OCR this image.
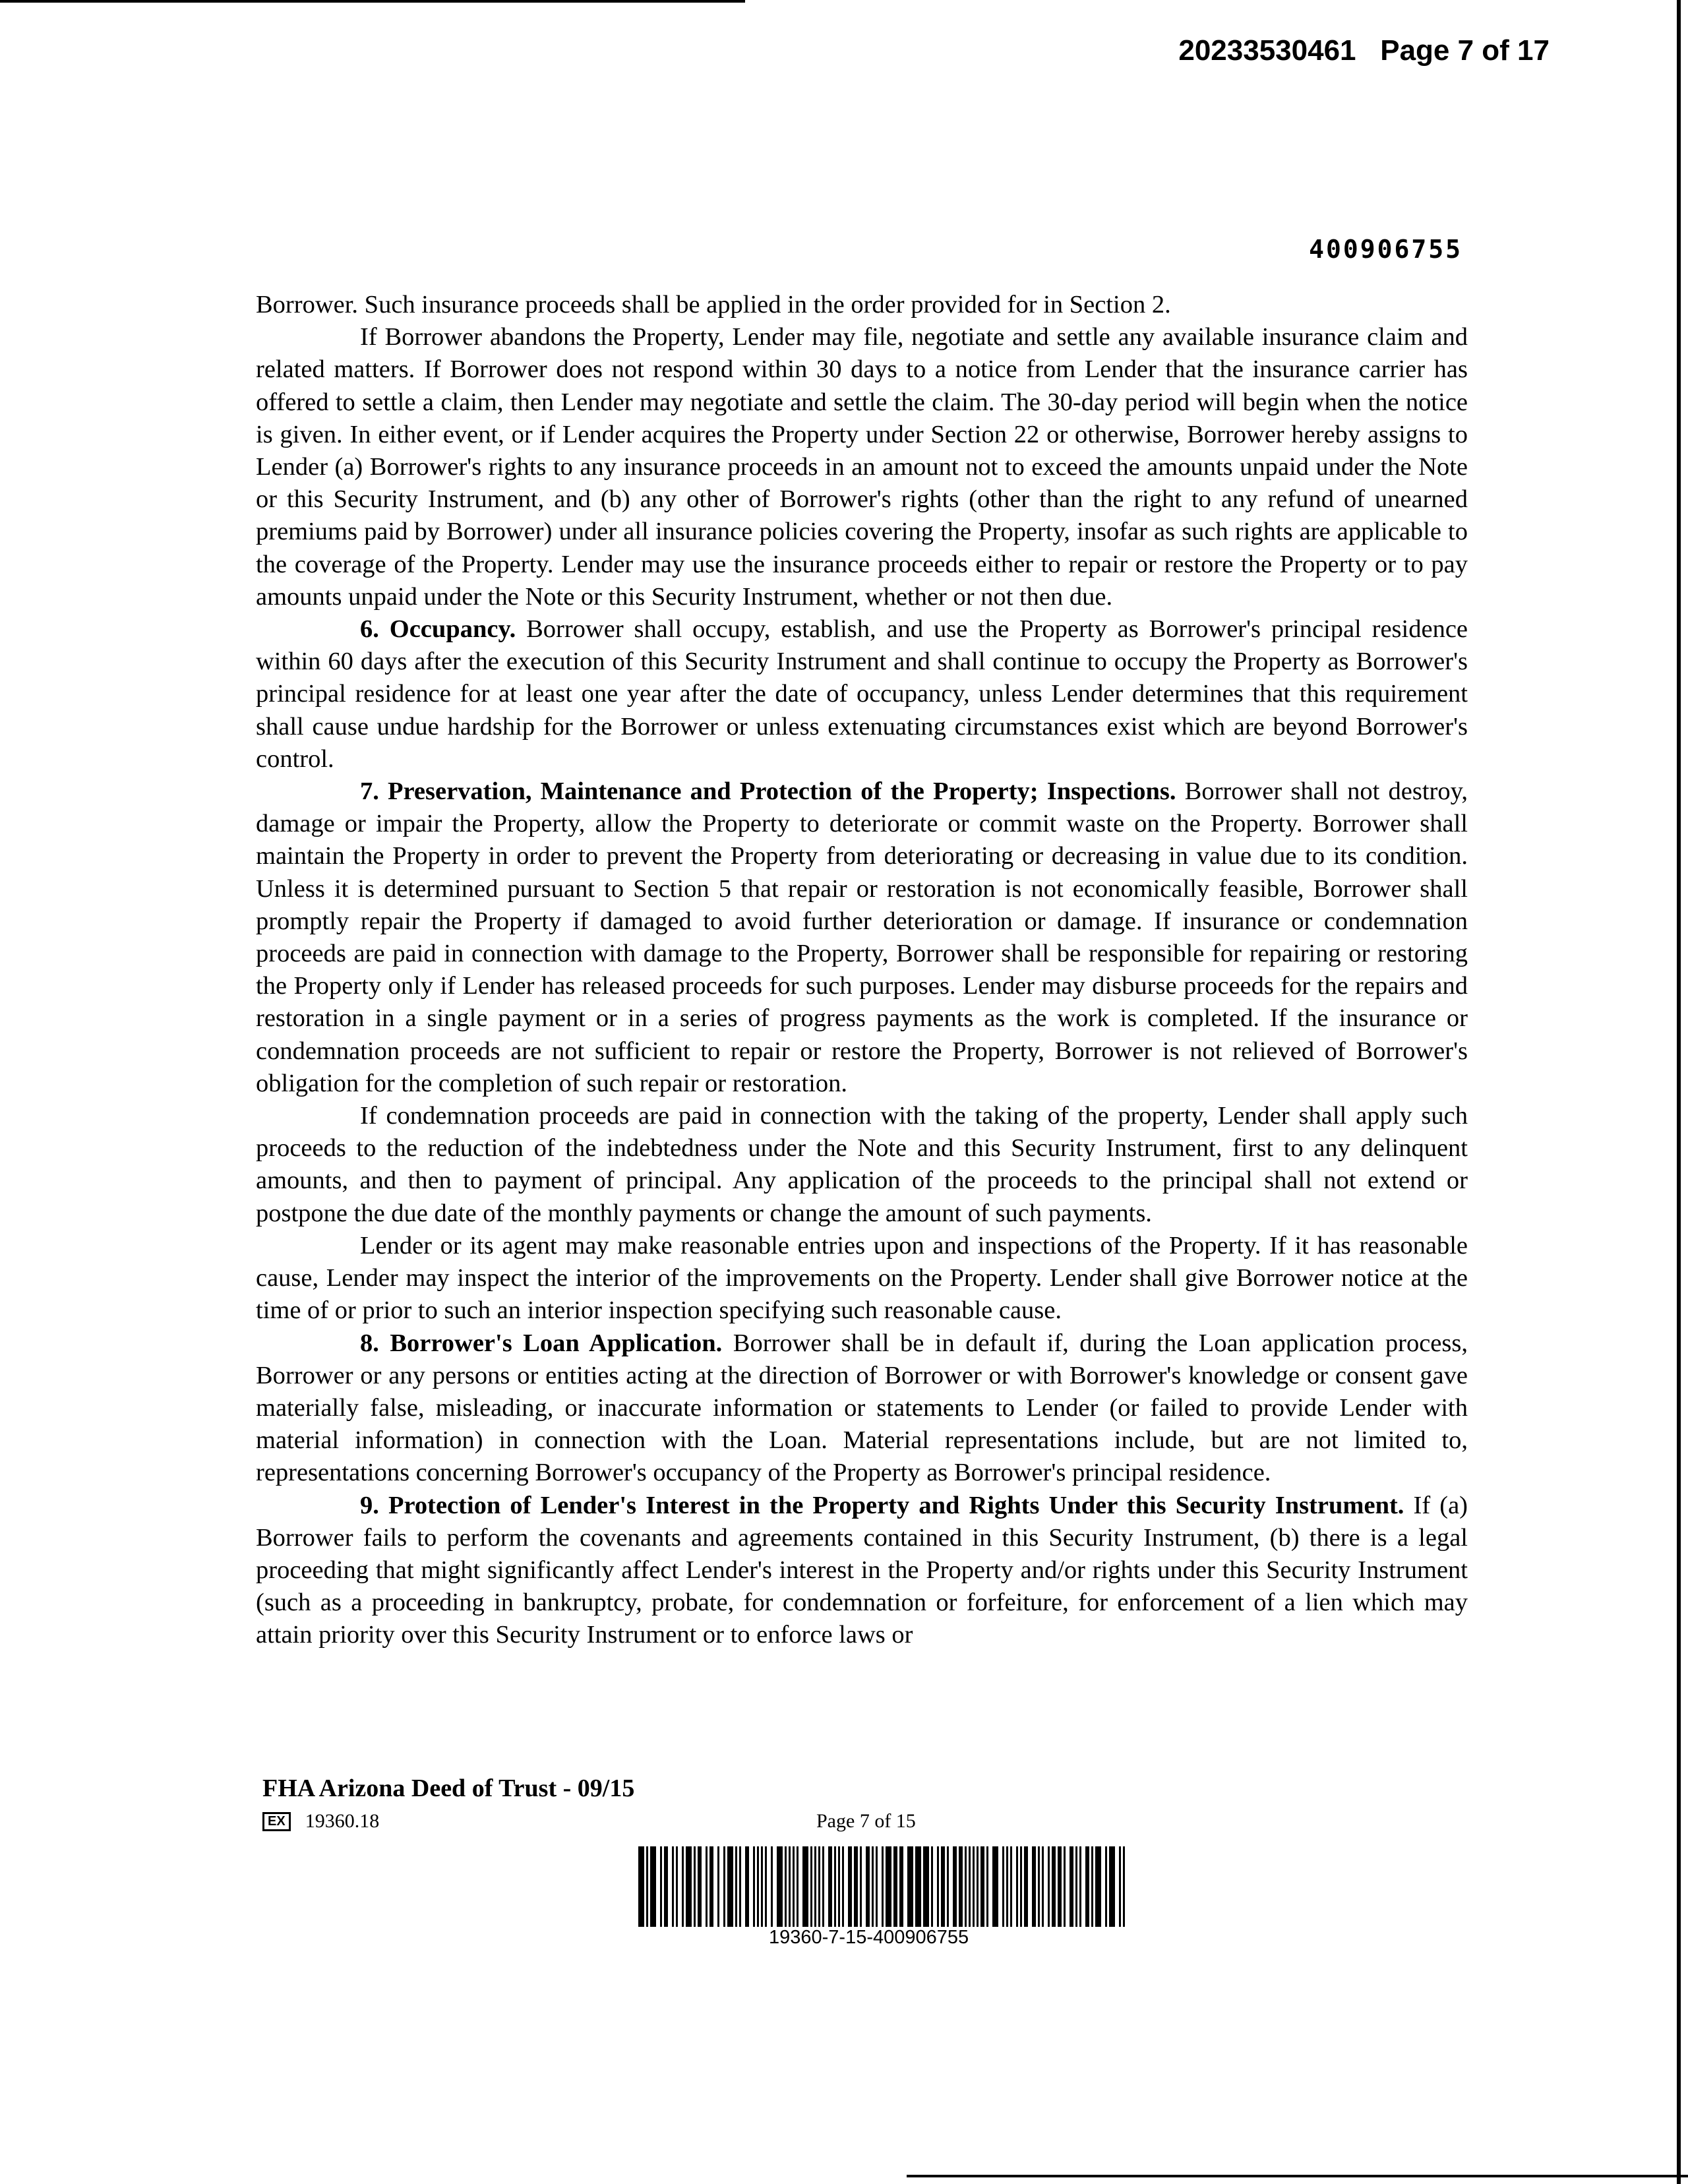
20233530461 Page 7 of 17
400906755

Borrower. Such insurance proceeds shall be applied in the order provided for in Section 2.

If Borrower abandons the Property, Lender may file, negotiate and settle any available insurance claim and related matters. If Borrower does not respond within 30 days to a notice from Lender that the insurance carrier has offered to settle a claim, then Lender may negotiate and settle the claim. The 30-day period will begin when the notice is given. In either event, or if Lender acquires the Property under Section 22 or otherwise, Borrower hereby assigns to Lender (a) Borrower's rights to any insurance proceeds in an amount not to exceed the amounts unpaid under the Note or this Security Instrument, and (b) any other of Borrower's rights (other than the right to any refund of unearned premiums paid by Borrower) under all insurance policies covering the Property, insofar as such rights are applicable to the coverage of the Property. Lender may use the insurance proceeds either to repair or restore the Property or to pay amounts unpaid under the Note or this Security Instrument, whether or not then due.

6. Occupancy. Borrower shall occupy, establish, and use the Property as Borrower's principal residence within 60 days after the execution of this Security Instrument and shall continue to occupy the Property as Borrower's principal residence for at least one year after the date of occupancy, unless Lender determines that this requirement shall cause undue hardship for the Borrower or unless extenuating circumstances exist which are beyond Borrower's control.

7. Preservation, Maintenance and Protection of the Property; Inspections. Borrower shall not destroy, damage or impair the Property, allow the Property to deteriorate or commit waste on the Property. Borrower shall maintain the Property in order to prevent the Property from deteriorating or decreasing in value due to its condition. Unless it is determined pursuant to Section 5 that repair or restoration is not economically feasible, Borrower shall promptly repair the Property if damaged to avoid further deterioration or damage. If insurance or condemnation proceeds are paid in connection with damage to the Property, Borrower shall be responsible for repairing or restoring the Property only if Lender has released proceeds for such purposes. Lender may disburse proceeds for the repairs and restoration in a single payment or in a series of progress payments as the work is completed. If the insurance or condemnation proceeds are not sufficient to repair or restore the Property, Borrower is not relieved of Borrower's obligation for the completion of such repair or restoration.

If condemnation proceeds are paid in connection with the taking of the property, Lender shall apply such proceeds to the reduction of the indebtedness under the Note and this Security Instrument, first to any delinquent amounts, and then to payment of principal. Any application of the proceeds to the principal shall not extend or postpone the due date of the monthly payments or change the amount of such payments.

Lender or its agent may make reasonable entries upon and inspections of the Property. If it has reasonable cause, Lender may inspect the interior of the improvements on the Property. Lender shall give Borrower notice at the time of or prior to such an interior inspection specifying such reasonable cause.

8. Borrower's Loan Application. Borrower shall be in default if, during the Loan application process, Borrower or any persons or entities acting at the direction of Borrower or with Borrower's knowledge or consent gave materially false, misleading, or inaccurate information or statements to Lender (or failed to provide Lender with material information) in connection with the Loan. Material representations include, but are not limited to, representations concerning Borrower's occupancy of the Property as Borrower's principal residence.

9. Protection of Lender's Interest in the Property and Rights Under this Security Instrument. If (a) Borrower fails to perform the covenants and agreements contained in this Security Instrument, (b) there is a legal proceeding that might significantly affect Lender's interest in the Property and/or rights under this Security Instrument (such as a proceeding in bankruptcy, probate, for condemnation or forfeiture, for enforcement of a lien which may attain priority over this Security Instrument or to enforce laws or

FHA Arizona Deed of Trust - 09/15
EX 19360.18	Page 7 of 15
19360-7-15-400906755
